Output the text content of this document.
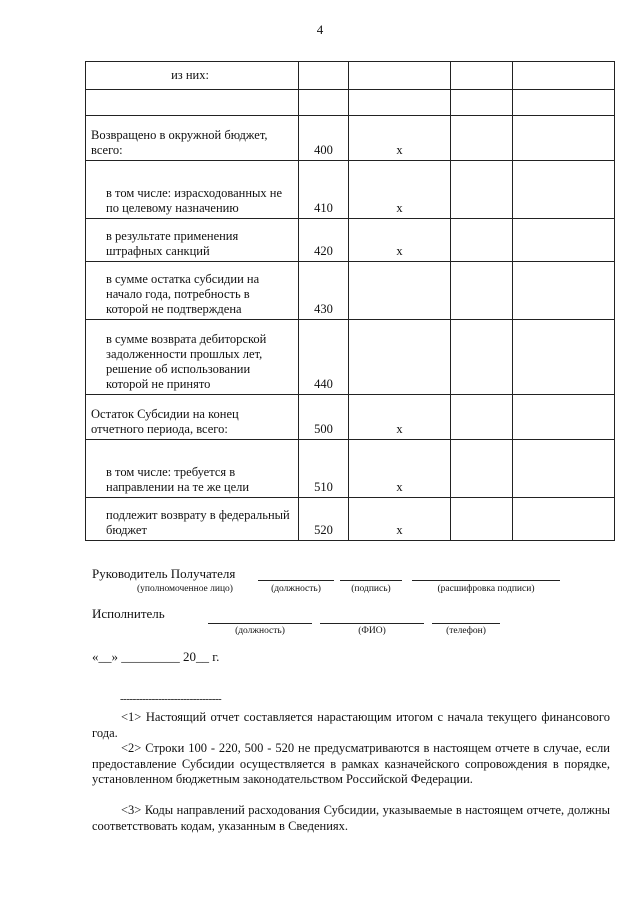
4
из них:				

Возвращено в окружной бюджет, всего:	400	x		
в том числе: израсходованных не по целевому назначению	410	x		
в результате применения штрафных санкций	420	x		
в сумме остатка субсидии на начало года, потребность в которой не подтверждена	430			
в сумме возврата дебиторской задолженности прошлых лет, решение об использовании которой не принято	440			
Остаток Субсидии на конец отчетного периода, всего:	500	x		
в том числе: требуется в направлении на те же цели	510	x		
подлежит возврату в федеральный бюджет	520	x		
Руководитель Получателя
(уполномоченное лицо)	(должность)	(подпись)	(расшифровка подписи)
Исполнитель
(должность)	(ФИО)	(телефон)
«__» _________ 20__ г.
--------------------------------
<1> Настоящий отчет составляется нарастающим итогом с начала текущего финансового года.
<2> Строки 100 - 220, 500 - 520 не предусматриваются в настоящем отчете в случае, если предоставление Субсидии осуществляется в рамках казначейского сопровождения в порядке, установленном бюджетным законодательством Российской Федерации.
<3> Коды направлений расходования Субсидии, указываемые в настоящем отчете, должны соответствовать кодам, указанным в Сведениях.
